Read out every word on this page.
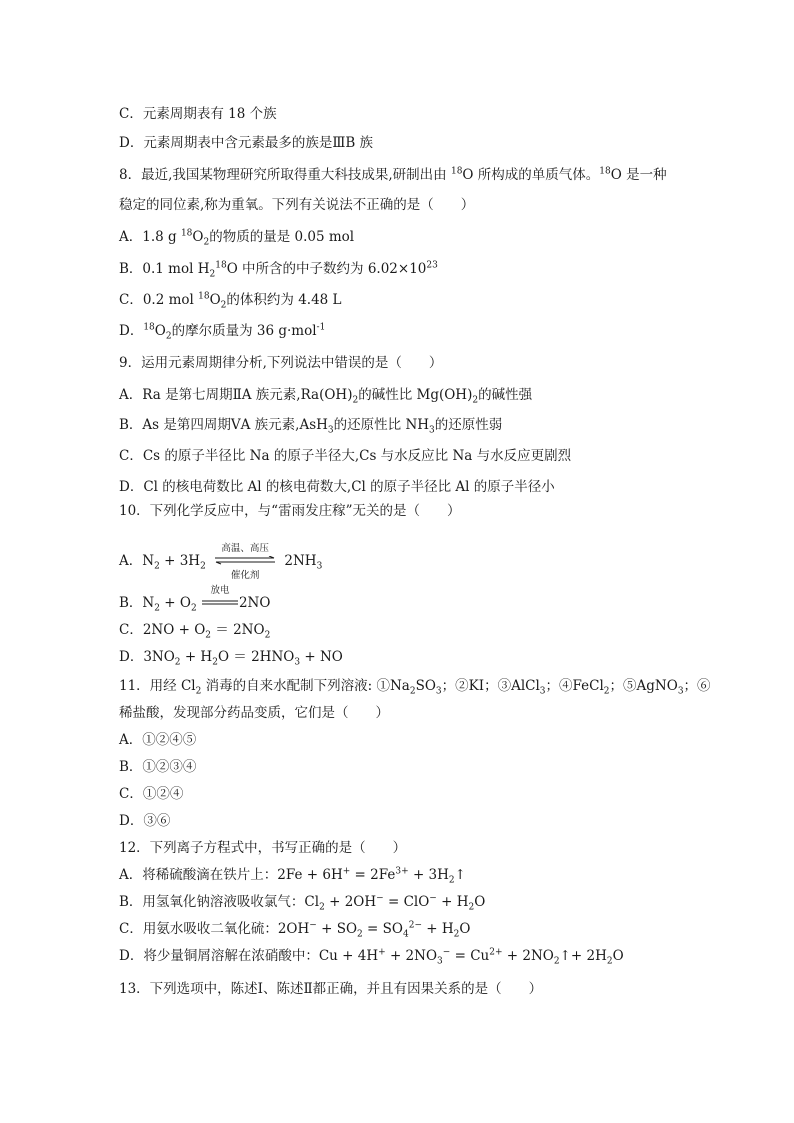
C．元素周期表有 18 个族
D．元素周期表中含元素最多的族是ⅢB 族
8．最近,我国某物理研究所取得重大科技成果,研制出由 $^{18}$O 所构成的单质气体。$^{18}$O 是一种
稳定的同位素,称为重氧。下列有关说法不正确的是（　　）
A．1.8 g $^{18}O_2$的物质的量是 0.05 mol
B．0.1 mol $H_2^{18}O$ 中所含的中子数约为 $6.02\times 10^{23}$
C．0.2 mol $^{18}O_2$的体积约为 4.48 L
D．$^{18}O_2$的摩尔质量为 36 g·mol$^{-1}$
9．运用元素周期律分析,下列说法中错误的是（　　）
A．Ra 是第七周期ⅡA 族元素$,Ra(OH)_2$的碱性比 $Mg(OH)_2$的碱性强
B．As 是第四周期ⅤA 族元素,AsH$_3$的还原性比 $NH_3$的还原性弱
C．Cs 的原子半径比 Na 的原子半径大,Cs 与水反应比 Na 与水反应更剧烈
D．Cl 的核电荷数比 Al 的核电荷数大,Cl 的原子半径比 Al 的原子半径小
10．下列化学反应中，与“雷雨发庄稼”无关的是（　　）
A．$N_2 + 3H_2$
高温、高压
催化剂
$2NH_3$
B．$N_2 + O_2$
放电
2NO
C．$2NO + O_2 = 2NO_2$
D．$3NO_2 + H_2O = 2HNO_3$ + NO
11．用经 $Cl_2$ 消毒的自来水配制下列溶液: $①Na_2SO_3$；②KI；③AlCl$_3$；④FeCl$_2$；⑤AgNO$_3$；⑥
稀盐酸，发现部分药品变质，它们是（　　）
A．①②④⑤
B．①②③④
C．①②④
D．③⑥
12．下列离子方程式中，书写正确的是（　　）
A．将稀硫酸滴在铁片上：$2Fe + 6H^+ = 2Fe^{3+}$ + $3H_2↑$
B．用氢氧化钠溶液吸收氯气：$Cl_2 + 2OH^- = ClO^- + H_2O$
C．用氨水吸收二氧化硫：$2OH^- + SO_2 = SO_4^{2-} + H_2O$
D．将少量铜屑溶解在浓硝酸中：$Cu + 4H^+ + 2NO_3^- = Cu^{2+}$ + $2NO_2↑+ 2H_2O$
13．下列选项中，陈述Ⅰ、陈述Ⅱ都正确，并且有因果关系的是（　　）
